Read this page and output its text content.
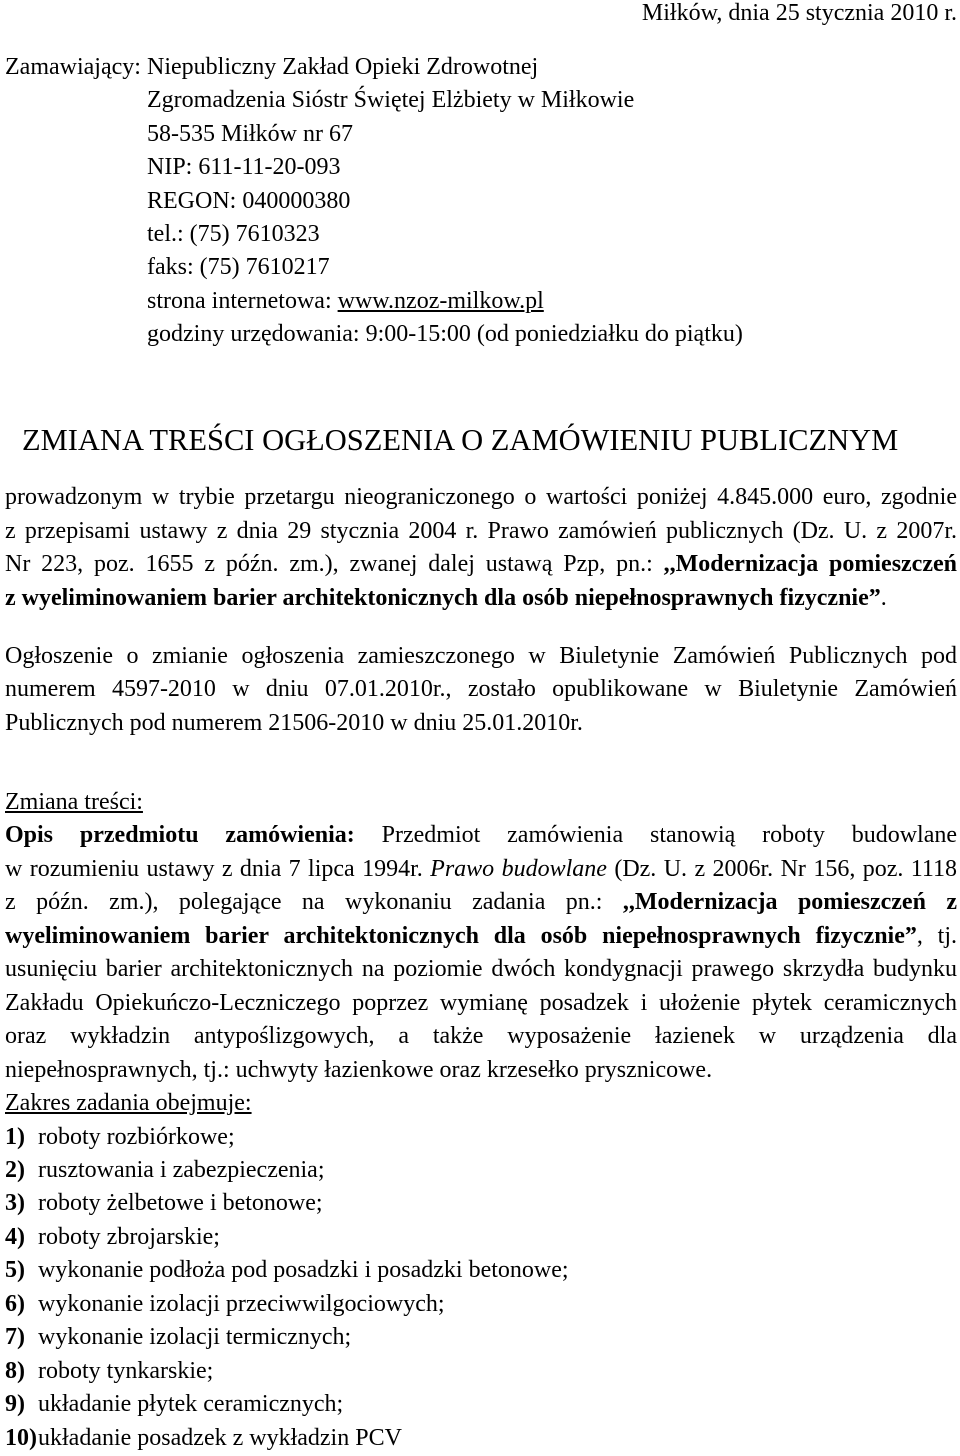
Miłków, dnia 25 stycznia 2010 r.
Zamawiający: Niepubliczny Zakład Opieki Zdrowotnej
Zgromadzenia Sióstr Świętej Elżbiety w Miłkowie
58-535 Miłków nr 67
NIP: 611-11-20-093
REGON: 040000380
tel.: (75) 7610323
faks: (75) 7610217
strona internetowa: www.nzoz-milkow.pl
godziny urzędowania: 9:00-15:00 (od poniedziałku do piątku)
ZMIANA TREŚCI OGŁOSZENIA O ZAMÓWIENIU PUBLICZNYM
prowadzonym w trybie przetargu nieograniczonego o wartości poniżej 4.845.000 euro, zgodnie
z przepisami ustawy z dnia 29 stycznia 2004 r. Prawo zamówień publicznych (Dz. U. z 2007r.
Nr 223, poz. 1655 z późn. zm.), zwanej dalej ustawą Pzp, pn.: ,,Modernizacja pomieszczeń
z wyeliminowaniem barier architektonicznych dla osób niepełnosprawnych fizycznie”.
Ogłoszenie o zmianie ogłoszenia zamieszczonego w Biuletynie Zamówień Publicznych pod
numerem 4597-2010 w dniu 07.01.2010r., zostało opublikowane w Biuletynie Zamówień
Publicznych pod numerem 21506-2010 w dniu 25.01.2010r.
Zmiana treści:
Opis przedmiotu zamówienia: Przedmiot zamówienia stanowią roboty budowlane
w rozumieniu ustawy z dnia 7 lipca 1994r. Prawo budowlane (Dz. U. z 2006r. Nr 156, poz. 1118
z późn. zm.), polegające na wykonaniu zadania pn.: ,,Modernizacja pomieszczeń z
wyeliminowaniem barier architektonicznych dla osób niepełnosprawnych fizycznie”, tj.
usunięciu barier architektonicznych na poziomie dwóch kondygnacji prawego skrzydła budynku
Zakładu Opiekuńczo-Leczniczego poprzez wymianę posadzek i ułożenie płytek ceramicznych
oraz wykładzin antypoślizgowych, a także wyposażenie łazienek w urządzenia dla
niepełnosprawnych, tj.: uchwyty łazienkowe oraz krzesełko prysznicowe.
Zakres zadania obejmuje:
1) roboty rozbiórkowe;
2) rusztowania i zabezpieczenia;
3) roboty żelbetowe i betonowe;
4) roboty zbrojarskie;
5) wykonanie podłoża pod posadzki i posadzki betonowe;
6) wykonanie izolacji przeciwwilgociowych;
7) wykonanie izolacji termicznych;
8) roboty tynkarskie;
9) układanie płytek ceramicznych;
10)układanie posadzek z wykładzin PCV
